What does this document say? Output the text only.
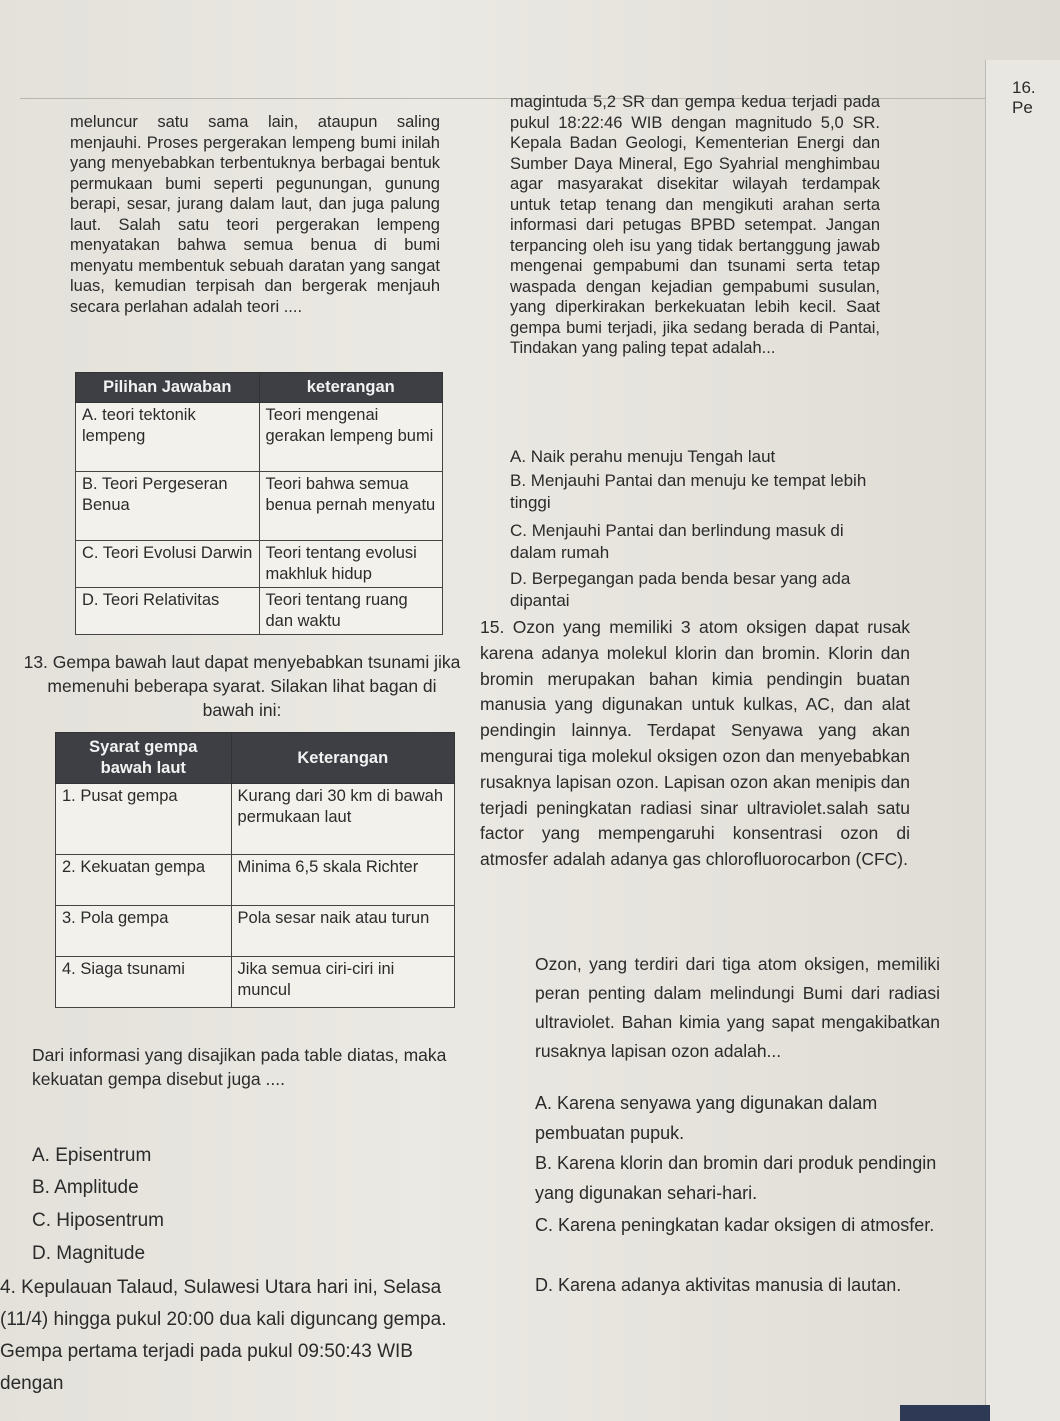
16. Pe

meluncur satu sama lain, ataupun saling menjauhi. Proses pergerakan lempeng bumi inilah yang menyebabkan terbentuknya berbagai bentuk permukaan bumi seperti pegunungan, gunung berapi, sesar, jurang dalam laut, dan juga palung laut. Salah satu teori pergerakan lempeng menyatakan bahwa semua benua di bumi menyatu membentuk sebuah daratan yang sangat luas, kemudian terpisah dan bergerak menjauh secara perlahan adalah teori ....

Pilihan Jawaban	keterangan
A. teori tektonik lempeng	Teori mengenai gerakan lempeng bumi
B. Teori Pergeseran Benua	Teori bahwa semua benua pernah menyatu
C. Teori Evolusi Darwin	Teori tentang evolusi makhluk hidup
D. Teori Relativitas	Teori tentang ruang dan waktu
13. Gempa bawah laut dapat menyebabkan tsunami jika memenuhi beberapa syarat. Silakan lihat bagan di bawah ini:
Syarat gempa bawah laut	Keterangan
1. Pusat gempa	Kurang dari 30 km di bawah permukaan laut
2. Kekuatan gempa	Minima 6,5 skala Richter
3. Pola gempa	Pola sesar naik atau turun
4. Siaga tsunami	Jika semua ciri-ciri ini muncul
Dari informasi yang disajikan pada table diatas, maka kekuatan gempa disebut juga ....
A. Episentrum
B. Amplitude
C. Hiposentrum
D. Magnitude
4. Kepulauan Talaud, Sulawesi Utara hari ini, Selasa (11/4) hingga pukul 20:00 dua kali diguncang gempa. Gempa pertama terjadi pada pukul 09:50:43 WIB dengan

magintuda 5,2 SR dan gempa kedua terjadi pada pukul 18:22:46 WIB dengan magnitudo 5,0 SR. Kepala Badan Geologi, Kementerian Energi dan Sumber Daya Mineral, Ego Syahrial menghimbau agar masyarakat disekitar wilayah terdampak untuk tetap tenang dan mengikuti arahan serta informasi dari petugas BPBD setempat. Jangan terpancing oleh isu yang tidak bertanggung jawab mengenai gempabumi dan tsunami serta tetap waspada dengan kejadian gempabumi susulan, yang diperkirakan berkekuatan lebih kecil. Saat gempa bumi terjadi, jika sedang berada di Pantai, Tindakan yang paling tepat adalah...

A. Naik perahu menuju Tengah laut
B. Menjauhi Pantai dan menuju ke tempat lebih tinggi
C. Menjauhi Pantai dan berlindung masuk di dalam rumah
D. Berpegangan pada benda besar yang ada dipantai
15. Ozon yang memiliki 3 atom oksigen dapat rusak karena adanya molekul klorin dan bromin. Klorin dan bromin merupakan bahan kimia pendingin buatan manusia yang digunakan untuk kulkas, AC, dan alat pendingin lainnya. Terdapat Senyawa yang akan mengurai tiga molekul oksigen ozon dan menyebabkan rusaknya lapisan ozon. Lapisan ozon akan menipis dan terjadi peningkatan radiasi sinar ultraviolet.salah satu factor yang mempengaruhi konsentrasi ozon di atmosfer adalah adanya gas chlorofluorocarbon (CFC).
Ozon, yang terdiri dari tiga atom oksigen, memiliki peran penting dalam melindungi Bumi dari radiasi ultraviolet. Bahan kimia yang sapat mengakibatkan rusaknya lapisan ozon adalah...
A. Karena senyawa yang digunakan dalam pembuatan pupuk.
B. Karena klorin dan bromin dari produk pendingin yang digunakan sehari-hari.
C. Karena peningkatan kadar oksigen di atmosfer.
D. Karena adanya aktivitas manusia di lautan.
